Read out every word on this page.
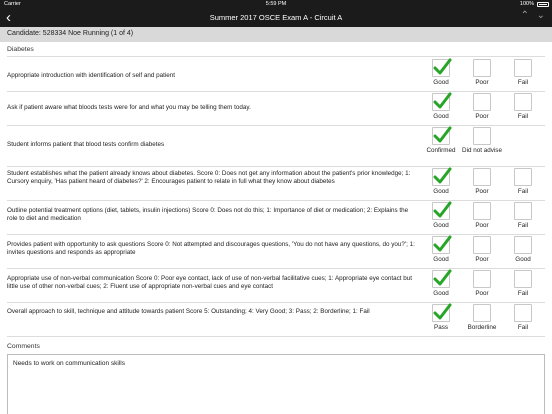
Carrier	5:59 PM	100%
‹	Summer 2017 OSCE Exam A - Circuit A	⌃ ⌄
Candidate: 528334 Noe Running (1 of 4)
Diabetes
Appropriate introduction with identification of self and patient
Good	Poor	Fail
Ask if patient aware what bloods tests were for and what you may be telling them today.
Good	Poor	Fail
Student informs patient that blood tests confirm diabetes
Confirmed	Did not advise
Student establishes what the patient already knows about diabetes. Score 0: Does not get any information about the patient's prior knowledge; 1: Cursory enquiry, 'Has patient heard of diabetes?' 2: Encourages patient to relate in full what they know about diabetes
Good	Poor	Fail
Outline potential treatment options (diet, tablets, insulin injections) Score 0: Does not do this; 1: Importance of diet or medication; 2: Explains the role to diet and medication
Good	Poor	Fail
Provides patient with opportunity to ask questions Score 0: Not attempted and discourages questions, 'You do not have any questions, do you?'; 1: invites questions and responds as appropriate
Good	Poor	Good
Appropriate use of non-verbal communication Score 0: Poor eye contact, lack of use of non-verbal facilitative cues; 1: Appropriate eye contact but little use of other non-verbal cues; 2: Fluent use of appropriate non-verbal cues and eye contact
Good	Poor	Fail
Overall approach to skill, technique and attitude towards patient Score 5: Outstanding; 4: Very Good; 3: Pass; 2: Borderline; 1: Fail
Pass	Borderline	Fail
Comments
Needs to work on communication skills
